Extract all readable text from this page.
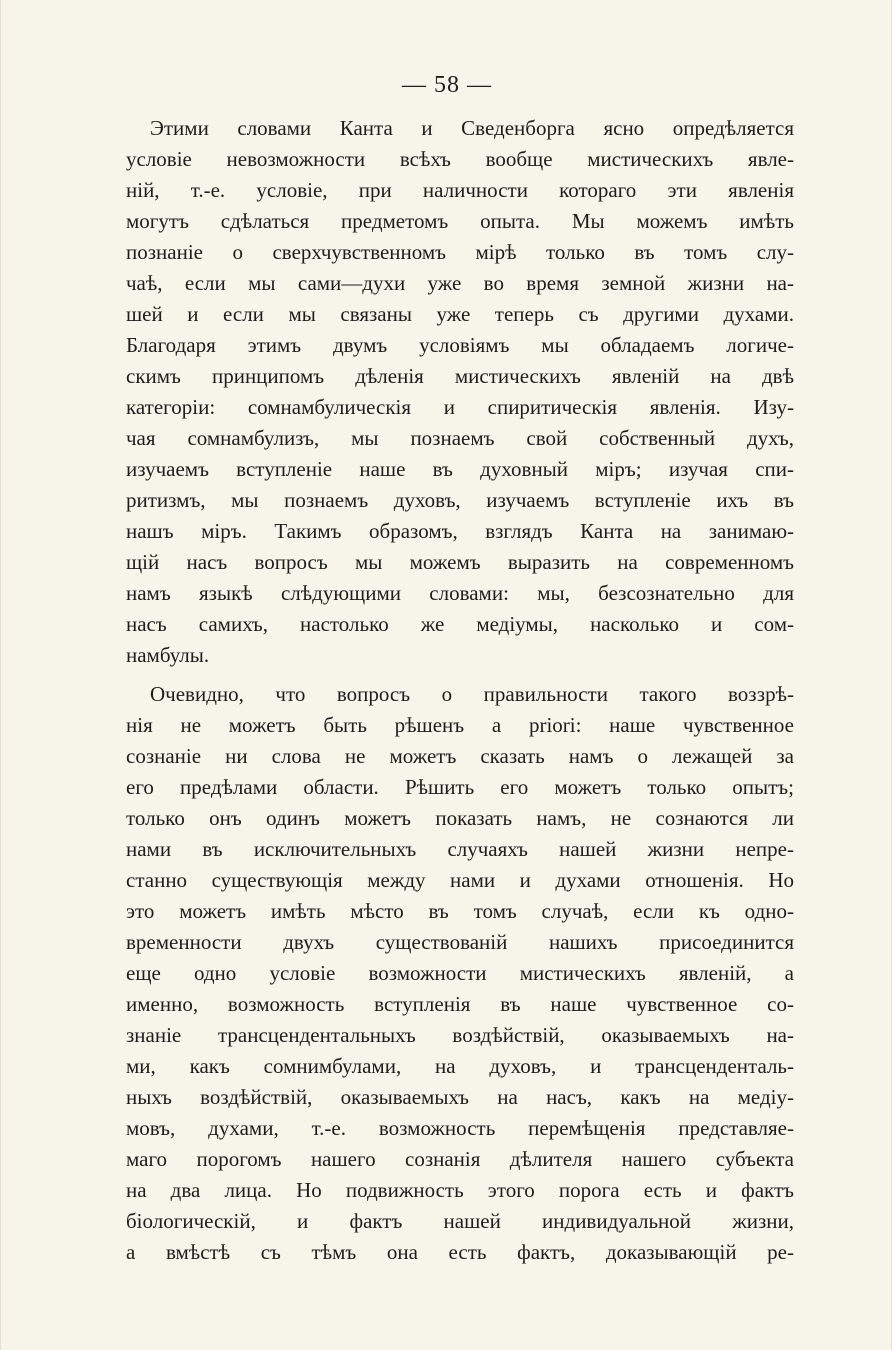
— 58 —
Этими словами Канта и Сведенборга ясно опредѣляется
условіе невозможности всѣхъ вообще мистическихъ явле-
ній, т.-е. условіе, при наличности котораго эти явленія
могутъ сдѣлаться предметомъ опыта. Мы можемъ имѣть
познаніе о сверхчувственномъ мірѣ только въ томъ слу-
чаѣ, если мы сами—духи уже во время земной жизни на-
шей и если мы связаны уже теперь съ другими духами.
Благодаря этимъ двумъ условіямъ мы обладаемъ логиче-
скимъ принципомъ дѣленія мистическихъ явленій на двѣ
категоріи: сомнамбулическія и спиритическія явленія. Изу-
чая сомнамбулизъ, мы познаемъ свой собственный духъ,
изучаемъ вступленіе наше въ духовный міръ; изучая спи-
ритизмъ, мы познаемъ духовъ, изучаемъ вступленіе ихъ въ
нашъ міръ. Такимъ образомъ, взглядъ Канта на занимаю-
щій насъ вопросъ мы можемъ выразить на современномъ
намъ языкѣ слѣдующими словами: мы, безсознательно для
насъ самихъ, настолько же медіумы, насколько и сом-
намбулы.
Очевидно, что вопросъ о правильности такого воззрѣ-
нія не можетъ быть рѣшенъ a priori: наше чувственное
сознаніе ни слова не можетъ сказать намъ о лежащей за
его предѣлами области. Рѣшить его можетъ только опытъ;
только онъ одинъ можетъ показать намъ, не сознаются ли
нами въ исключительныхъ случаяхъ нашей жизни непре-
станно существующія между нами и духами отношенія. Но
это можетъ имѣть мѣсто въ томъ случаѣ, если къ одно-
временности двухъ существованій нашихъ присоединится
еще одно условіе возможности мистическихъ явленій, а
именно, возможность вступленія въ наше чувственное со-
знаніе трансцендентальныхъ воздѣйствій, оказываемыхъ на-
ми, какъ сомнимбулами, на духовъ, и трансценденталь-
ныхъ воздѣйствій, оказываемыхъ на насъ, какъ на медіу-
мовъ, духами, т.-е. возможность перемѣщенія представляе-
маго порогомъ нашего сознанія дѣлителя нашего субъекта
на два лица. Но подвижность этого порога есть и фактъ
біологическій, и фактъ нашей индивидуальной жизни,
а вмѣстѣ съ тѣмъ она есть фактъ, доказывающій ре-
